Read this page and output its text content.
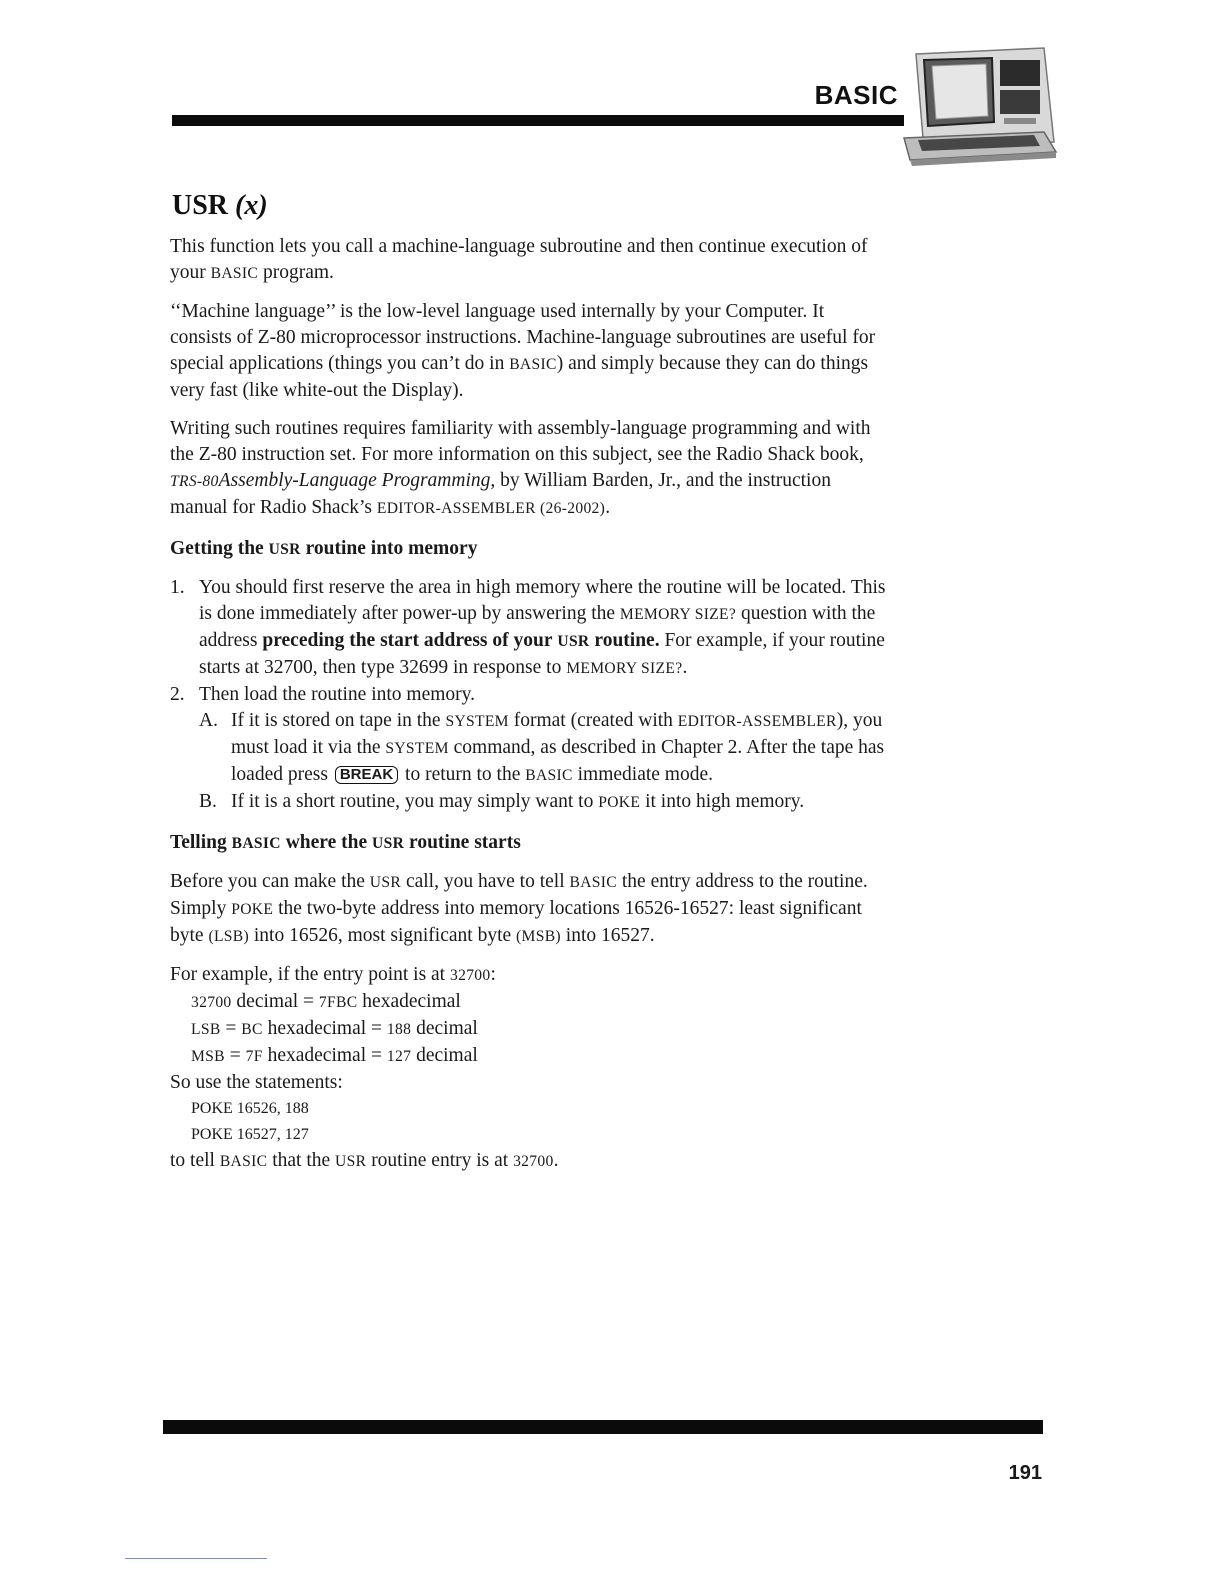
BASIC
USR (x)

This function lets you call a machine-language subroutine and then continue execution of your BASIC program.

‘‘Machine language’’ is the low-level language used internally by your Computer. It consists of Z-80 microprocessor instructions. Machine-language subroutines are useful for special applications (things you can’t do in BASIC) and simply because they can do things very fast (like white-out the Display).

Writing such routines requires familiarity with assembly-language programming and with the Z-80 instruction set. For more information on this subject, see the Radio Shack book, TRS-80Assembly-Language Programming, by William Barden, Jr., and the instruction manual for Radio Shack’s EDITOR-ASSEMBLER (26-2002).

Getting the USR routine into memory
1. You should first reserve the area in high memory where the routine will be located. This is done immediately after power-up by answering the MEMORY SIZE? question with the address preceding the start address of your USR routine. For example, if your routine starts at 32700, then type 32699 in response to MEMORY SIZE?.
2. Then load the routine into memory.
A. If it is stored on tape in the SYSTEM format (created with EDITOR-ASSEMBLER), you must load it via the SYSTEM command, as described in Chapter 2. After the tape has loaded press BREAK to return to the BASIC immediate mode.
B. If it is a short routine, you may simply want to POKE it into high memory.
Telling BASIC where the USR routine starts

Before you can make the USR call, you have to tell BASIC the entry address to the routine. Simply POKE the two-byte address into memory locations 16526-16527: least significant byte (LSB) into 16526, most significant byte (MSB) into 16527.

For example, if the entry point is at 32700:
32700 decimal = 7FBC hexadecimal
LSB = BC hexadecimal = 188 decimal
MSB = 7F hexadecimal = 127 decimal
So use the statements:
POKE 16526, 188
POKE 16527, 127
to tell BASIC that the USR routine entry is at 32700.
191
